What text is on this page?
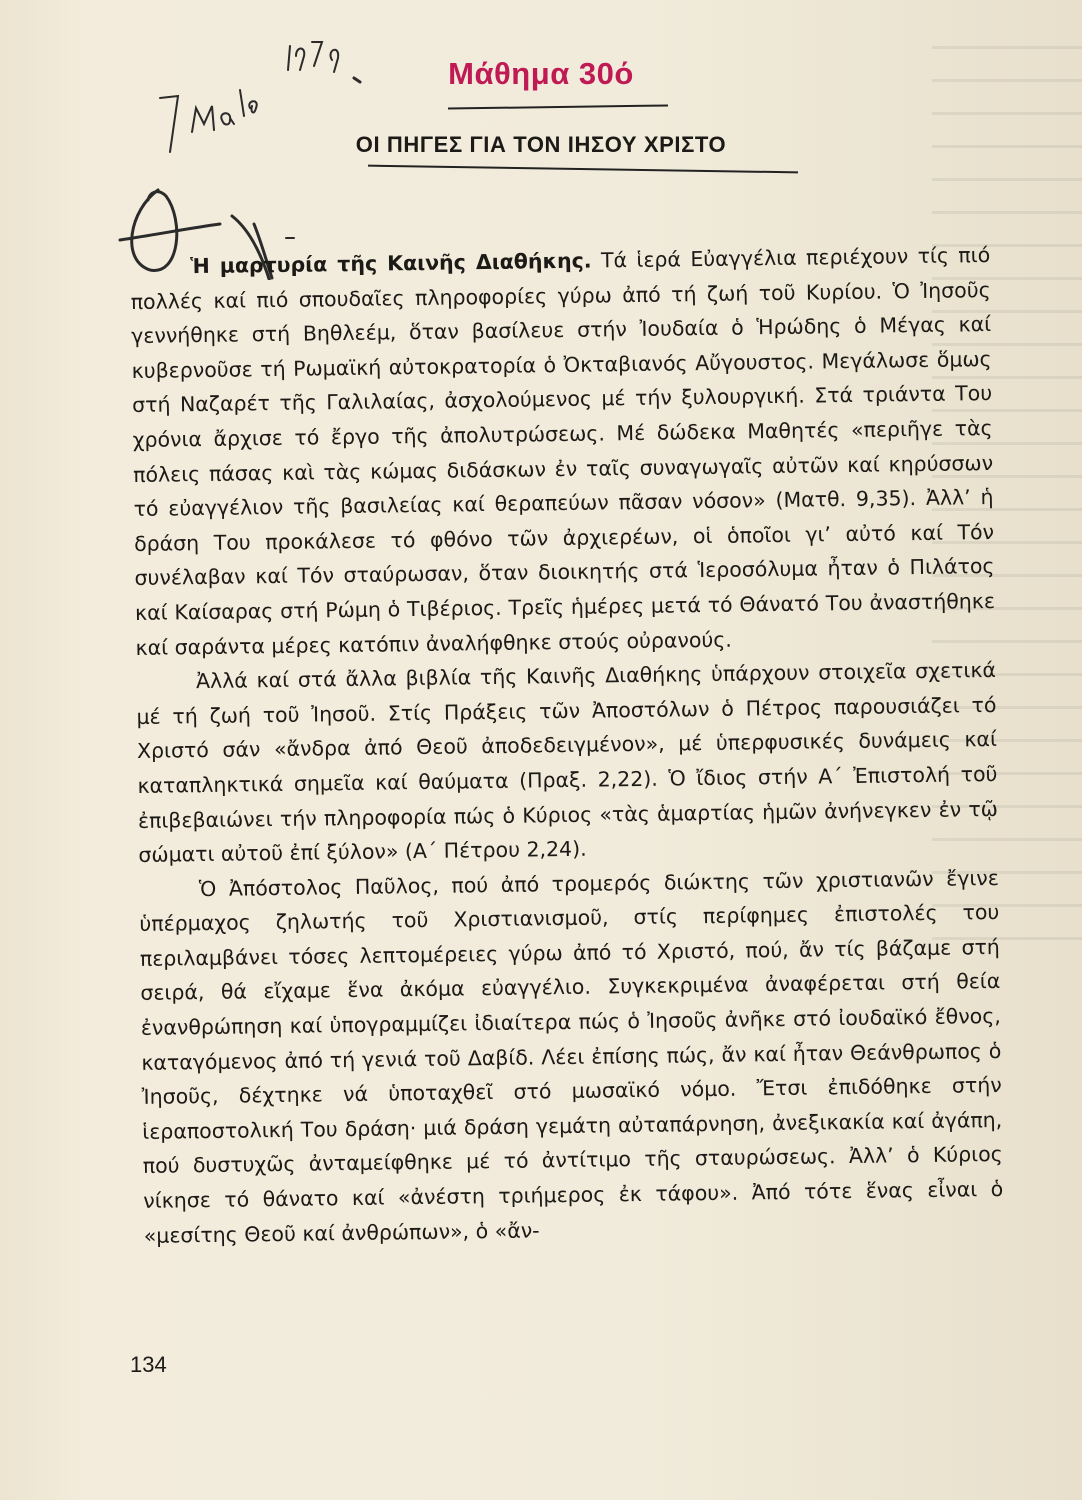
Μάθημα 30ό
ΟΙ ΠΗΓΕΣ ΓΙΑ ΤΟΝ ΙΗΣΟΥ ΧΡΙΣΤΟ

Ἡ μαρτυρία τῆς Καινῆς Διαθήκης. Τά ἱερά Εὐαγγέλια περιέχουν τίς πιό πολλές καί πιό σπουδαῖες πληροφορίες γύρω ἀπό τή ζωή τοῦ Κυρίου. Ὁ Ἰησοῦς γεννήθηκε στή Βηθλεέμ, ὅταν βασίλευε στήν Ἰουδαία ὁ Ἡρώδης ὁ Μέγας καί κυβερνοῦσε τή Ρωμαϊκή αὐτοκρατορία ὁ Ὀκταβιανός Αὔγουστος. Μεγάλωσε ὅμως στή Ναζαρέτ τῆς Γαλιλαίας, ἀσχολούμενος μέ τήν ξυλουργική. Στά τριάντα Του χρόνια ἄρχισε τό ἔργο τῆς ἀπολυτρώσεως. Μέ δώδεκα Μαθητές «περιῆγε τὰς πόλεις πάσας καὶ τὰς κώμας διδάσκων ἐν ταῖς συναγωγαῖς αὐτῶν καί κηρύσσων τό εὐαγγέλιον τῆς βασιλείας καί θεραπεύων πᾶσαν νόσον» (Ματθ. 9,35). Ἀλλ’ ἡ δράση Του προκάλεσε τό φθόνο τῶν ἀρχιερέων, οἱ ὁποῖοι γι’ αὐτό καί Τόν συνέλαβαν καί Τόν σταύρωσαν, ὅταν διοικητής στά Ἱεροσόλυμα ἦταν ὁ Πιλάτος καί Καίσαρας στή Ρώμη ὁ Τιβέριος. Τρεῖς ἡμέρες μετά τό Θάνατό Του ἀναστήθηκε καί σαράντα μέρες κατόπιν ἀναλήφθηκε στούς οὐρανούς.

Ἀλλά καί στά ἄλλα βιβλία τῆς Καινῆς Διαθήκης ὑπάρχουν στοιχεῖα σχετικά μέ τή ζωή τοῦ Ἰησοῦ. Στίς Πράξεις τῶν Ἀποστόλων ὁ Πέτρος παρουσιάζει τό Χριστό σάν «ἄνδρα ἀπό Θεοῦ ἀποδεδειγμένον», μέ ὑπερφυσικές δυνάμεις καί καταπληκτικά σημεῖα καί θαύματα (Πραξ. 2,22). Ὁ ἴδιος στήν Α΄ Ἐπιστολή τοῦ ἐπιβεβαιώνει τήν πληροφορία πώς ὁ Κύριος «τὰς ἁμαρτίας ἡμῶν ἀνήνεγκεν ἐν τῷ σώματι αὐτοῦ ἐπί ξύλον» (Α΄ Πέτρου 2,24).

Ὁ Ἀπόστολος Παῦλος, πού ἀπό τρομερός διώκτης τῶν χριστιανῶν ἔγινε ὑπέρμαχος ζηλωτής τοῦ Χριστιανισμοῦ, στίς περίφημες ἐπιστολές του περιλαμβάνει τόσες λεπτομέρειες γύρω ἀπό τό Χριστό, πού, ἄν τίς βάζαμε στή σειρά, θά εἴχαμε ἕνα ἀκόμα εὐαγγέλιο. Συγκεκριμένα ἀναφέρεται στή θεία ἐνανθρώπηση καί ὑπογραμμίζει ἰδιαίτερα πώς ὁ Ἰησοῦς ἀνῆκε στό ἰουδαϊκό ἔθνος, καταγόμενος ἀπό τή γενιά τοῦ Δαβίδ. Λέει ἐπίσης πώς, ἄν καί ἦταν Θεάνθρωπος ὁ Ἰησοῦς, δέχτηκε νά ὑποταχθεῖ στό μωσαϊκό νόμο. Ἔτσι ἐπιδόθηκε στήν ἱεραποστολική Του δράση· μιά δράση γεμάτη αὐταπάρνηση, ἀνεξικακία καί ἀγάπη, πού δυστυχῶς ἀνταμείφθηκε μέ τό ἀντίτιμο τῆς σταυρώσεως. Ἀλλ’ ὁ Κύριος νίκησε τό θάνατο καί «ἀνέστη τριήμερος ἐκ τάφου». Ἀπό τότε ἕνας εἶναι ὁ «μεσίτης Θεοῦ καί ἀνθρώπων», ὁ «ἄν-

134
